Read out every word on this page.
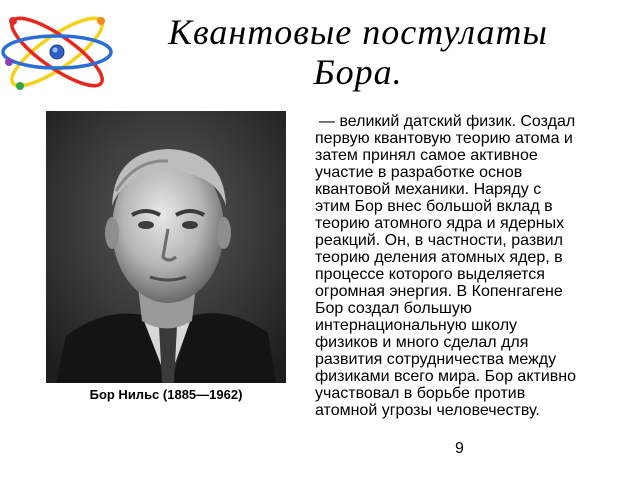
Квантовые постулаты
Бора.
Бор Нильс (1885—1962)

— великий датский физик. Создал
первую квантовую теорию атома и
затем принял самое активное
участие в разработке основ
квантовой механики. Наряду с
этим Бор внес большой вклад в
теорию атомного ядра и ядерных
реакций. Он, в частности, развил
теорию деления атомных ядер, в
процессе которого выделяется
огромная энергия. В Копенгагене
Бор создал большую
интернациональную школу
физиков и много сделал для
развития сотрудничества между
физиками всего мира. Бор активно
участвовал в борьбе против
атомной угрозы человечеству.

9
